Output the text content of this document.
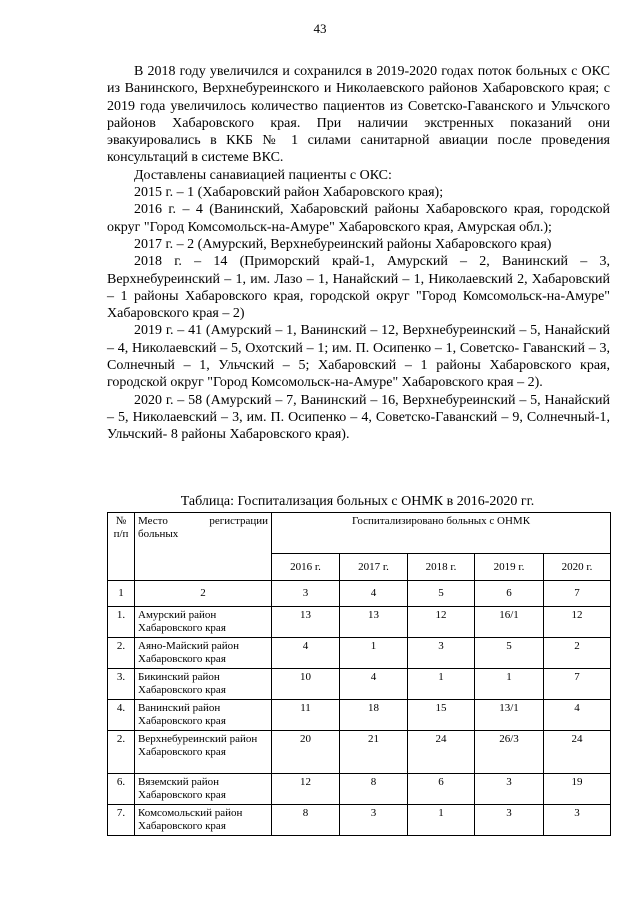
43

В 2018 году увеличился и сохранился в 2019-2020 годах поток больных с ОКС из Ванинского, Верхнебуреинского и Николаевского районов Хабаровского края; с 2019 года увеличилось количество пациентов из Советско-Гаванского и Ульчского районов Хабаровского края. При наличии экстренных показаний они эвакуировались в ККБ № 1 силами санитарной авиации после проведения консультаций в системе ВКС.

Доставлены санавиацией пациенты с ОКС:

2015 г. – 1 (Хабаровский район Хабаровского края);

2016 г. – 4 (Ванинский, Хабаровский районы Хабаровского края, городской округ "Город Комсомольск-на-Амуре" Хабаровского края, Амурская обл.);

2017 г. – 2 (Амурский, Верхнебуреинский районы Хабаровского края)

2018 г. – 14 (Приморский край-1, Амурский – 2, Ванинский – 3, Верхнебуреинский – 1, им. Лазо – 1, Нанайский – 1, Николаевский 2, Хабаровский – 1 районы Хабаровского края, городской округ "Город Комсомольск-на-Амуре" Хабаровского края – 2)

2019 г. – 41 (Амурский – 1, Ванинский – 12, Верхнебуреинский – 5, Нанайский – 4, Николаевский – 5, Охотский – 1; им. П. Осипенко – 1, Советско- Гаванский – 3, Солнечный – 1, Ульчский – 5; Хабаровский – 1 районы Хабаровского края, городской округ "Город Комсомольск-на-Амуре" Хабаровского края – 2).

2020 г. – 58 (Амурский – 7, Ванинский – 16, Верхнебуреинский – 5, Нанайский – 5, Николаевский – 3, им. П. Осипенко – 4, Советско-Гаванский – 9, Солнечный-1, Ульчский- 8 районы Хабаровского края).

Таблица: Госпитализация больных с ОНМК в 2016-2020 гг.
№ п/п	Место регистрации больных	Госпитализировано больных с ОНМК				
		2016 г.	2017 г.	2018 г.	2019 г.	2020 г.
1	2	3	4	5	6	7
1.	Амурский район Хабаровского края	13	13	12	16/1	12
2.	Аяно-Майский район Хабаровского края	4	1	3	5	2
3.	Бикинский район Хабаровского края	10	4	1	1	7
4.	Ванинский район Хабаровского края	11	18	15	13/1	4
2.	Верхнебуреинский район Хабаровского края	20	21	24	26/3	24
6.	Вяземский район Хабаровского края	12	8	6	3	19
7.	Комсомольский район Хабаровского края	8	3	1	3	3
